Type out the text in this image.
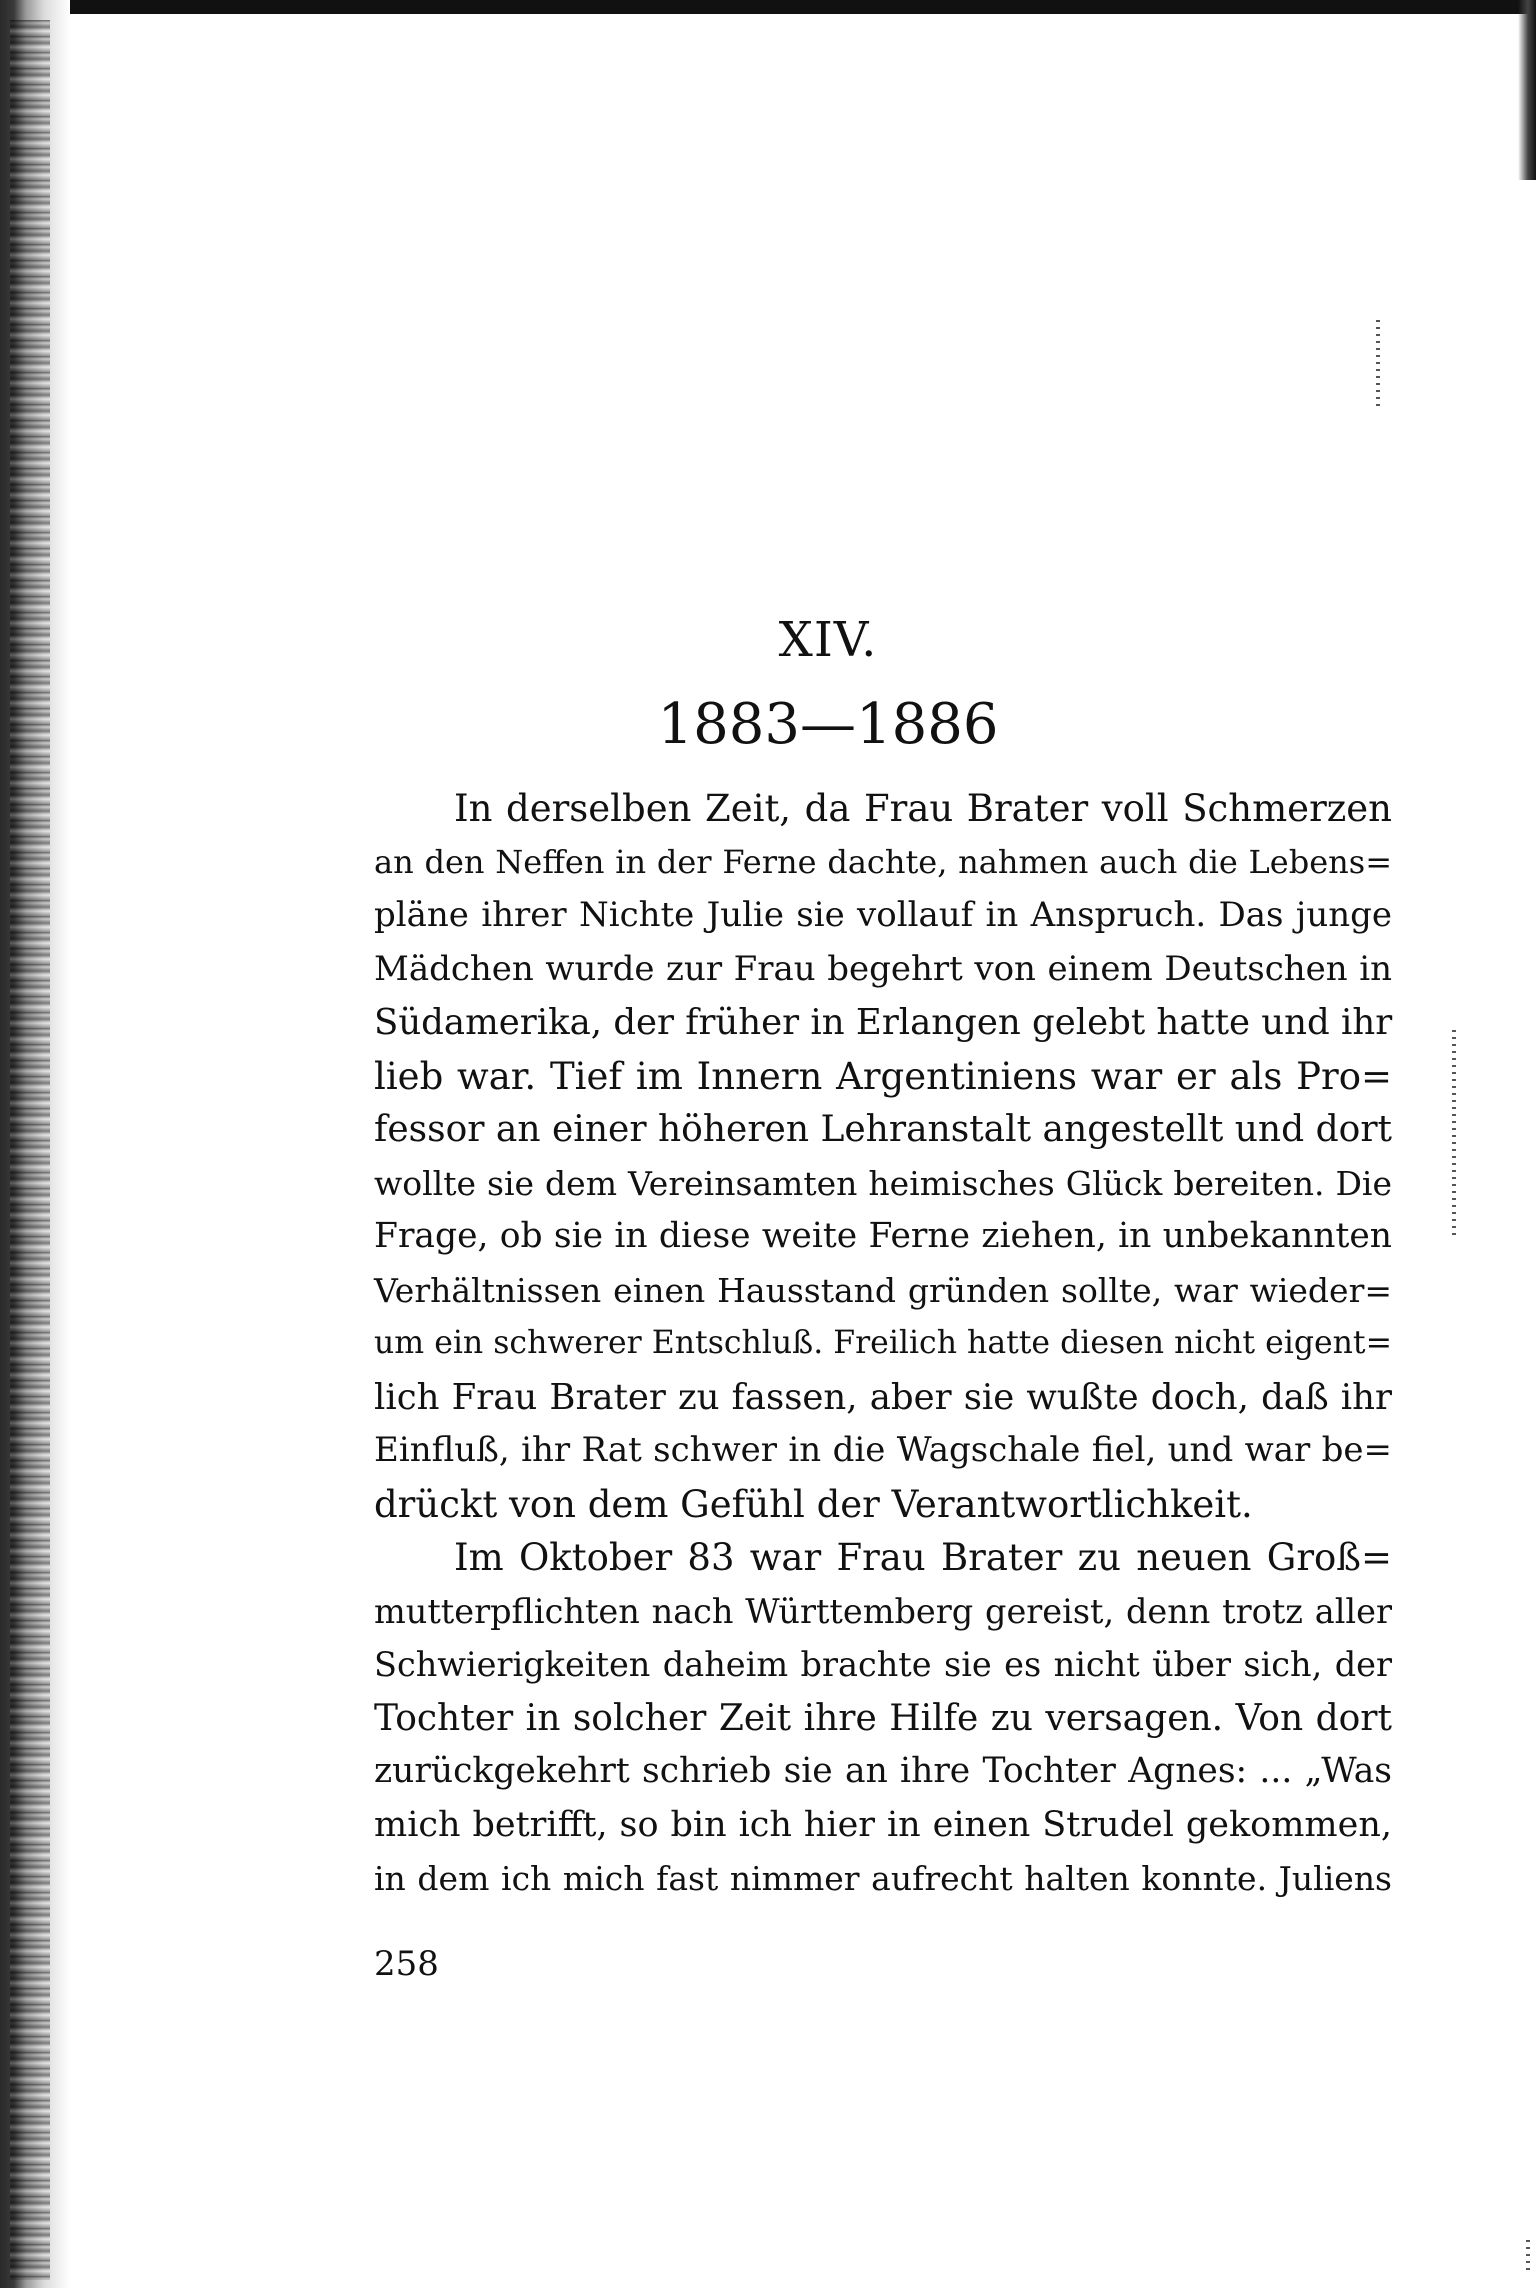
XIV.
1883—1886
In derselben Zeit, da Frau Brater voll Schmerzen
an den Neffen in der Ferne dachte, nahmen auch die Lebens=
pläne ihrer Nichte Julie sie vollauf in Anspruch. Das junge
Mädchen wurde zur Frau begehrt von einem Deutschen in
Südamerika, der früher in Erlangen gelebt hatte und ihr
lieb war. Tief im Innern Argentiniens war er als Pro=
fessor an einer höheren Lehranstalt angestellt und dort
wollte sie dem Vereinsamten heimisches Glück bereiten. Die
Frage, ob sie in diese weite Ferne ziehen, in unbekannten
Verhältnissen einen Hausstand gründen sollte, war wieder=
um ein schwerer Entschluß. Freilich hatte diesen nicht eigent=
lich Frau Brater zu fassen, aber sie wußte doch, daß ihr
Einfluß, ihr Rat schwer in die Wagschale fiel, und war be=
drückt von dem Gefühl der Verantwortlichkeit.
Im Oktober 83 war Frau Brater zu neuen Groß=
mutterpflichten nach Württemberg gereist, denn trotz aller
Schwierigkeiten daheim brachte sie es nicht über sich, der
Tochter in solcher Zeit ihre Hilfe zu versagen. Von dort
zurückgekehrt schrieb sie an ihre Tochter Agnes: ... „Was
mich betrifft, so bin ich hier in einen Strudel gekommen,
in dem ich mich fast nimmer aufrecht halten konnte. Juliens
258
